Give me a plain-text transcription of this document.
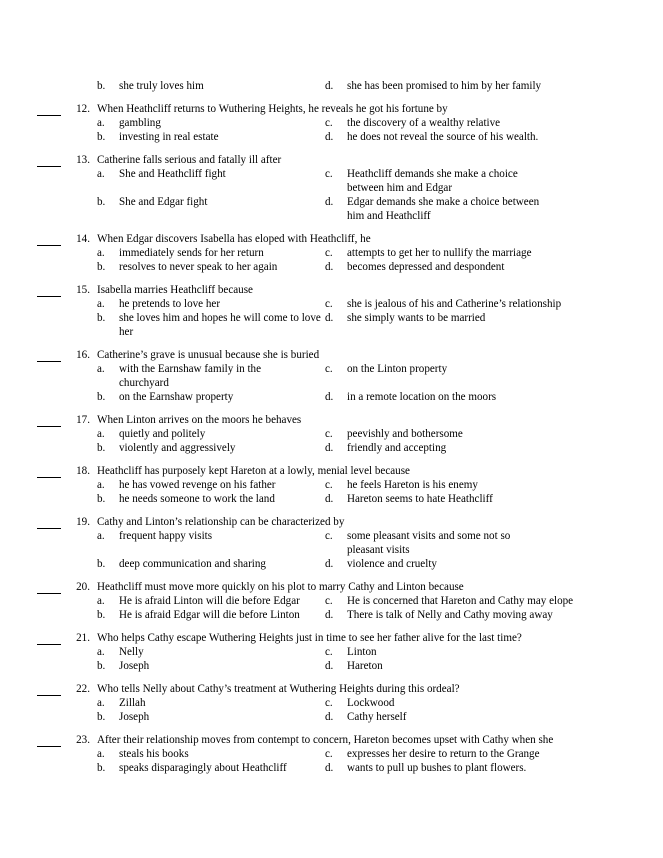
b. she truly loves him	d. she has been promised to him by her family
12. When Heathcliff returns to Wuthering Heights, he reveals he got his fortune by
a. gambling	c. the discovery of a wealthy relative
b. investing in real estate	d. he does not reveal the source of his wealth.
13. Catherine falls serious and fatally ill after
a. She and Heathcliff fight	c. Heathcliff demands she make a choice between him and Edgar
b. She and Edgar fight	d. Edgar demands she make a choice between him and Heathcliff
14. When Edgar discovers Isabella has eloped with Heathcliff, he
a. immediately sends for her return	c. attempts to get her to nullify the marriage
b. resolves to never speak to her again	d. becomes depressed and despondent
15. Isabella marries Heathcliff because
a. he pretends to love her	c. she is jealous of his and Catherine’s relationship
b. she loves him and hopes he will come to love her
d. she simply wants to be married
16. Catherine’s grave is unusual because she is buried
a. with the Earnshaw family in the churchyard
c. on the Linton property
b. on the Earnshaw property	d. in a remote location on the moors
17. When Linton arrives on the moors he behaves
a. quietly and politely	c. peevishly and bothersome
b. violently and aggressively	d. friendly and accepting
18. Heathcliff has purposely kept Hareton at a lowly, menial level because
a. he has vowed revenge on his father	c. he feels Hareton is his enemy
b. he needs someone to work the land	d. Hareton seems to hate Heathcliff
19. Cathy and Linton’s relationship can be characterized by
a. frequent happy visits	c. some pleasant visits and some not so pleasant visits
b. deep communication and sharing	d. violence and cruelty
20. Heathcliff must move more quickly on his plot to marry Cathy and Linton because
a. He is afraid Linton will die before Edgar c. He is concerned that Hareton and Cathy may elope
b. He is afraid Edgar will die before Linton d. There is talk of Nelly and Cathy moving away
21. Who helps Cathy escape Wuthering Heights just in time to see her father alive for the last time?
a. Nelly	c. Linton
b. Joseph	d. Hareton
22. Who tells Nelly about Cathy’s treatment at Wuthering Heights during this ordeal?
a. Zillah	c. Lockwood
b. Joseph	d. Cathy herself
23. After their relationship moves from contempt to concern, Hareton becomes upset with Cathy when she
a. steals his books	c. expresses her desire to return to the Grange
b. speaks disparagingly about Heathcliff	d. wants to pull up bushes to plant flowers.
